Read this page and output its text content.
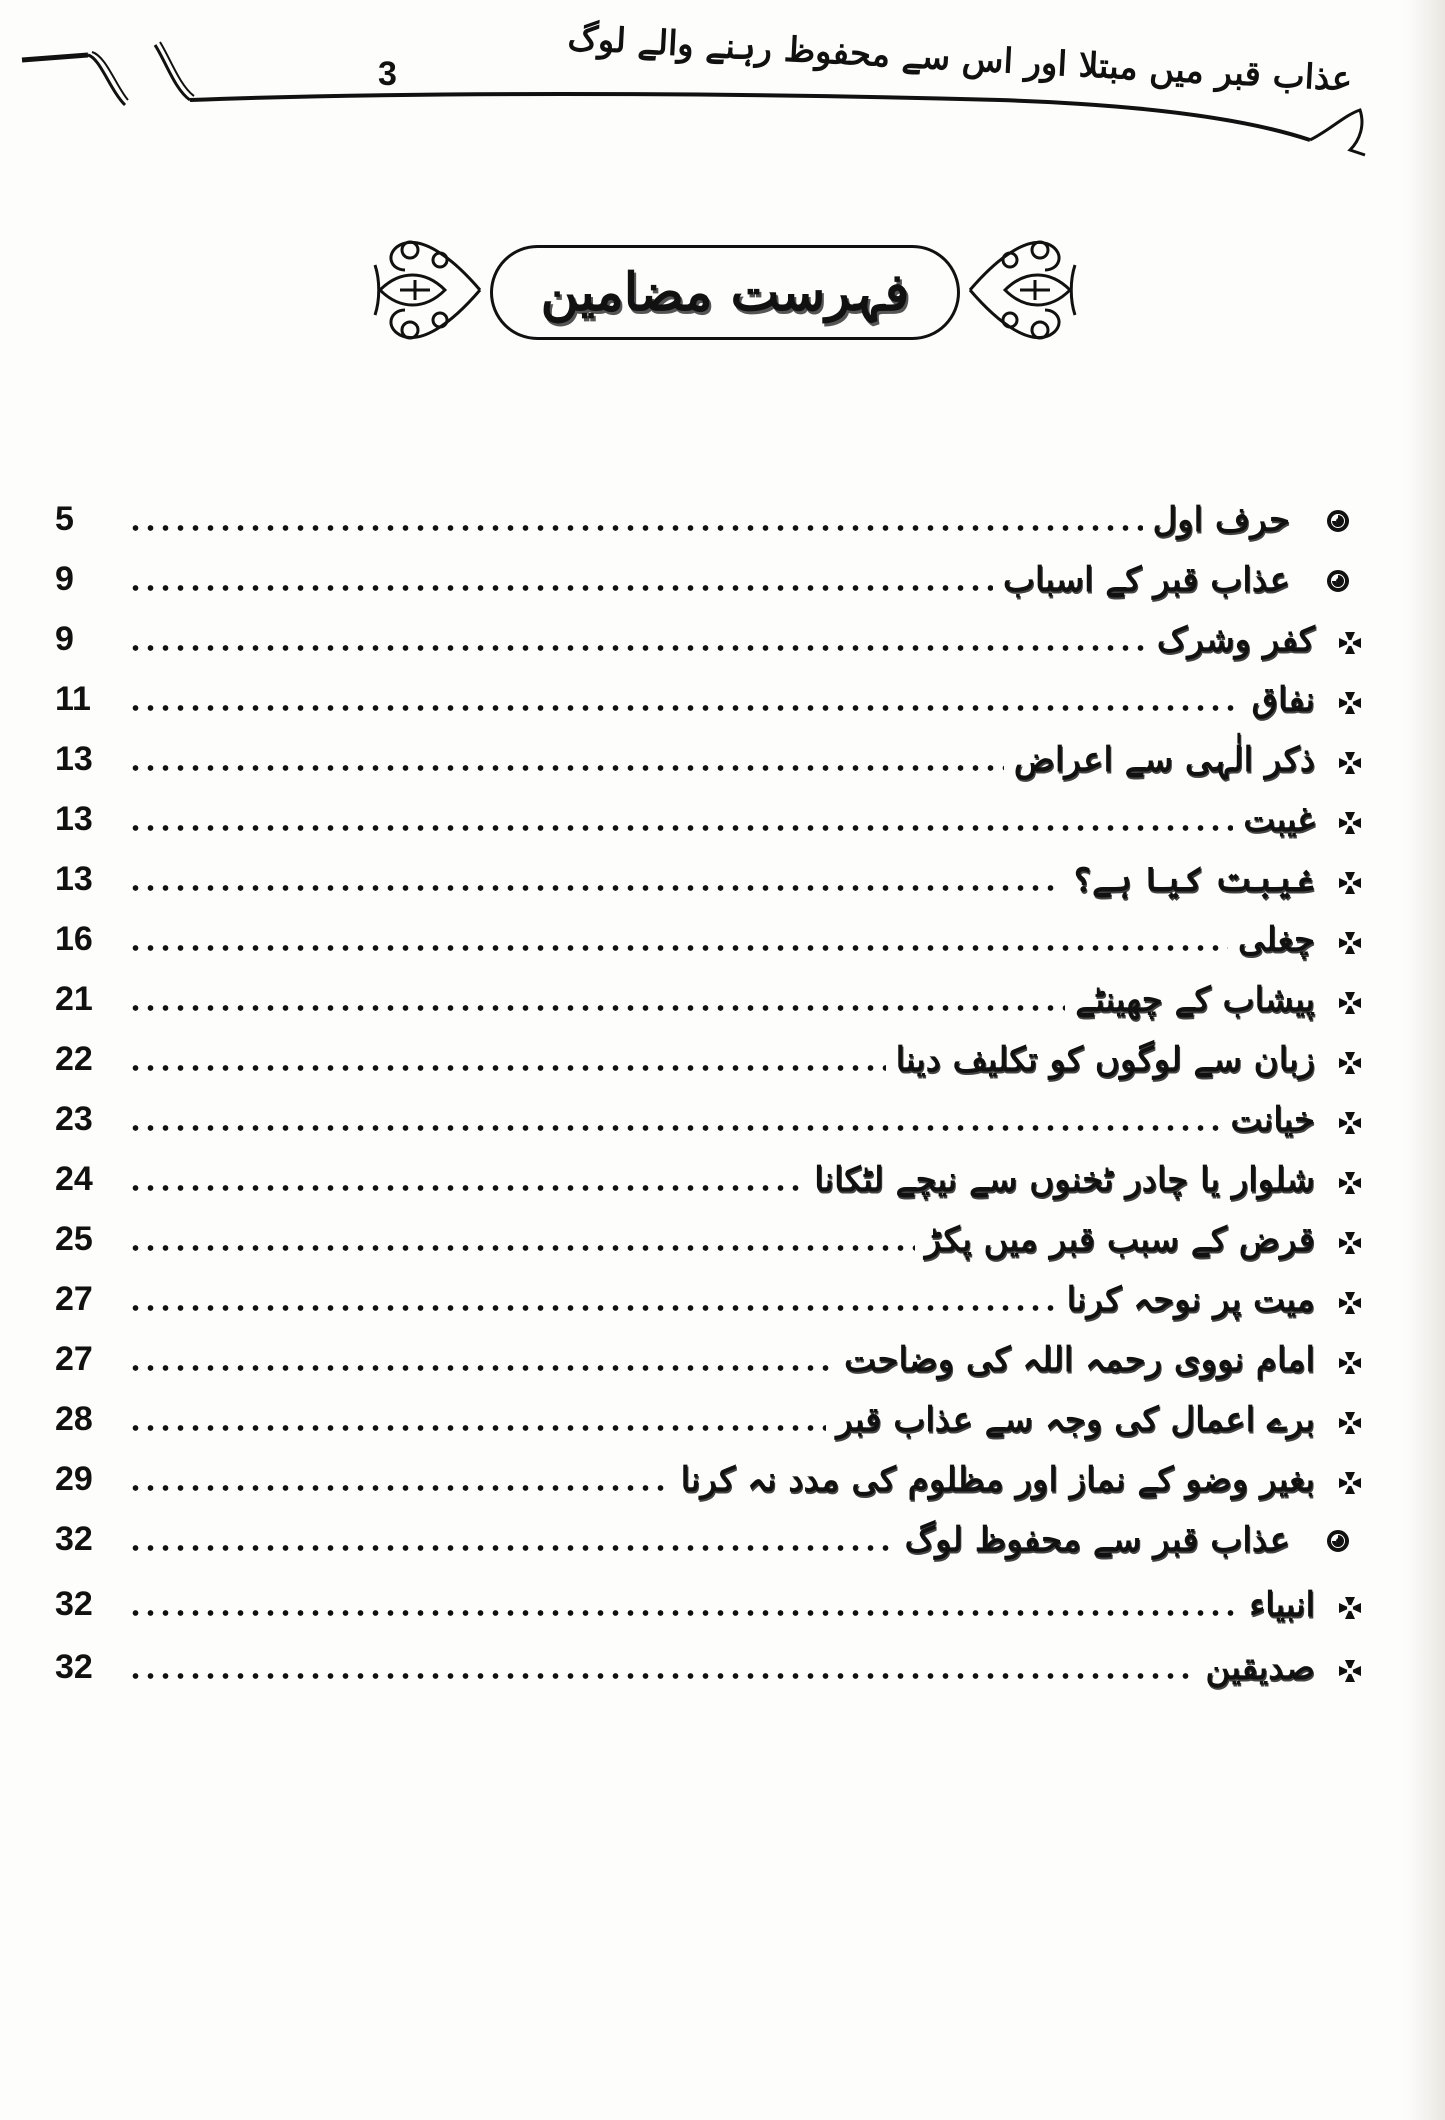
3	عذاب قبر میں مبتلا اور اس سے محفوظ رہنے والے لوگ
فہرست مضامین
5	حرف اول
9	عذاب قبر کے اسباب
9	کفر وشرک
11	نفاق
13	ذکر الٰہی سے اعراض
13	غیبت
13	غیبت کیا ہے؟
16	چغلی
21	پیشاب کے چھینٹے
22	زبان سے لوگوں کو تکلیف دینا
23	خیانت
24	شلوار یا چادر ٹخنوں سے نیچے لٹکانا
25	قرض کے سبب قبر میں پکڑ
27	میت پر نوحہ کرنا
27	امام نووی رحمہ اللہ کی وضاحت
28	برے اعمال کی وجہ سے عذاب قبر
29	بغیر وضو کے نماز اور مظلوم کی مدد نہ کرنا
32	عذاب قبر سے محفوظ لوگ
32	انبیاء
32	صدیقین
